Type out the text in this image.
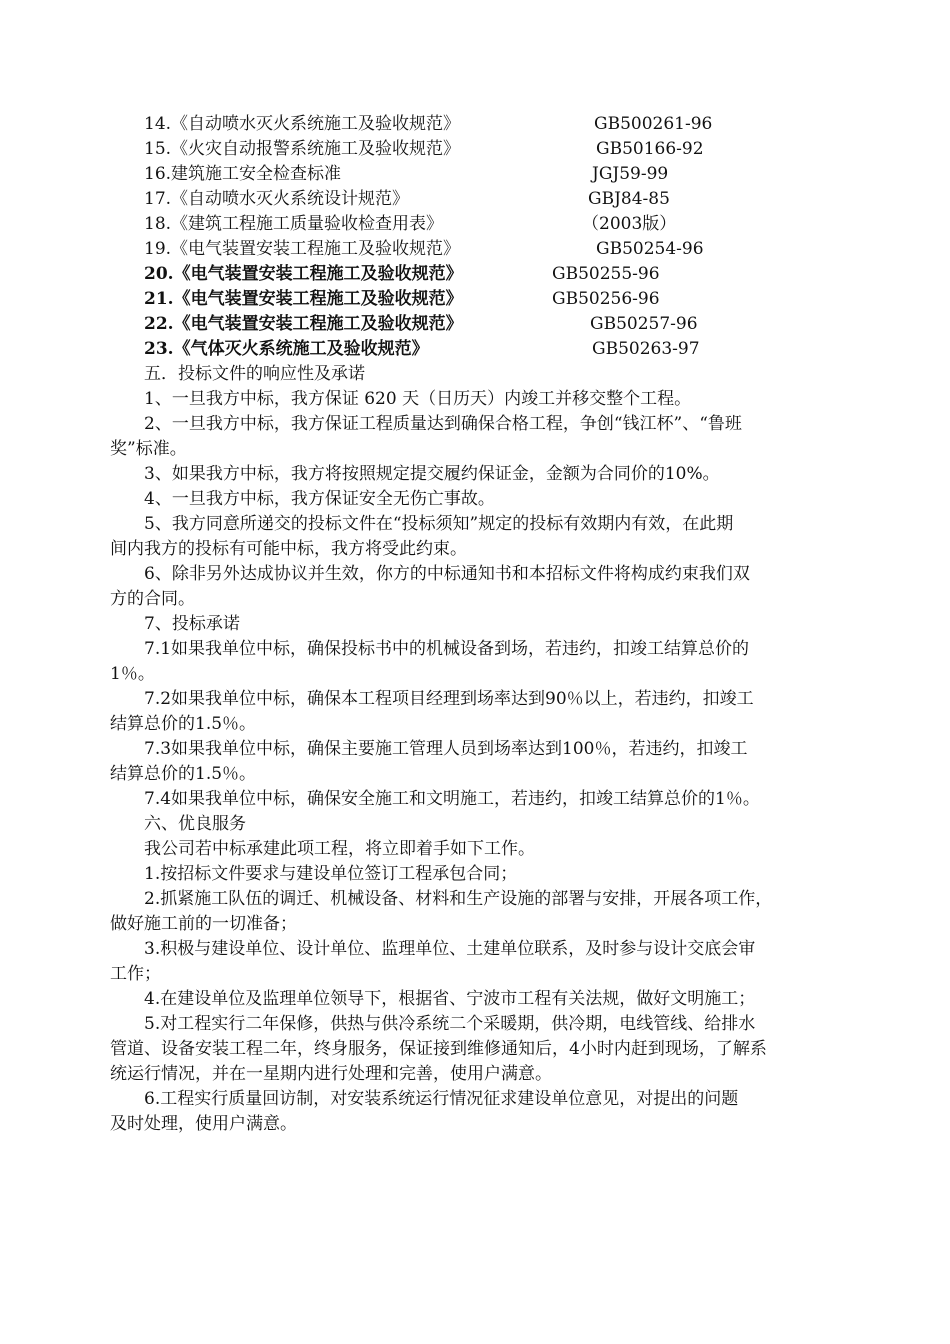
14.《自动喷水灭火系统施工及验收规范》	GB500261-96
15.《火灾自动报警系统施工及验收规范》	GB50166-92
16.建筑施工安全检查标准	JGJ59-99
17.《自动喷水灭火系统设计规范》	GBJ84-85
18.《建筑工程施工质量验收检查用表》	（2003版）
19.《电气装置安装工程施工及验收规范》	GB50254-96
20.《电气装置安装工程施工及验收规范》	GB50255-96
21.《电气装置安装工程施工及验收规范》	GB50256-96
22.《电气装置安装工程施工及验收规范》	GB50257-96
23.《气体灭火系统施工及验收规范》	GB50263-97
五．投标文件的响应性及承诺
1、一旦我方中标，我方保证 620 天（日历天）内竣工并移交整个工程。
2、一旦我方中标，我方保证工程质量达到确保合格工程，争创“钱江杯”、“鲁班
奖”标准。
3、如果我方中标，我方将按照规定提交履约保证金，金额为合同价的10%。
4、一旦我方中标，我方保证安全无伤亡事故。
5、我方同意所递交的投标文件在“投标须知”规定的投标有效期内有效，在此期
间内我方的投标有可能中标，我方将受此约束。
6、除非另外达成协议并生效，你方的中标通知书和本招标文件将构成约束我们双
方的合同。
7、投标承诺
7.1如果我单位中标，确保投标书中的机械设备到场，若违约，扣竣工结算总价的
1％。
7.2如果我单位中标，确保本工程项目经理到场率达到90％以上，若违约，扣竣工
结算总价的1.5％。
7.3如果我单位中标，确保主要施工管理人员到场率达到100％，若违约，扣竣工
结算总价的1.5％。
7.4如果我单位中标，确保安全施工和文明施工，若违约，扣竣工结算总价的1％。
六、优良服务
我公司若中标承建此项工程，将立即着手如下工作。
1.按招标文件要求与建设单位签订工程承包合同；
2.抓紧施工队伍的调迁、机械设备、材料和生产设施的部署与安排，开展各项工作，
做好施工前的一切准备；
3.积极与建设单位、设计单位、监理单位、土建单位联系，及时参与设计交底会审
工作；
4.在建设单位及监理单位领导下，根据省、宁波市工程有关法规，做好文明施工；
5.对工程实行二年保修，供热与供冷系统二个采暖期，供冷期，电线管线、给排水
管道、设备安装工程二年，终身服务，保证接到维修通知后，4小时内赶到现场，了解系
统运行情况，并在一星期内进行处理和完善，使用户满意。
6.工程实行质量回访制，对安装系统运行情况征求建设单位意见，对提出的问题
及时处理，使用户满意。
